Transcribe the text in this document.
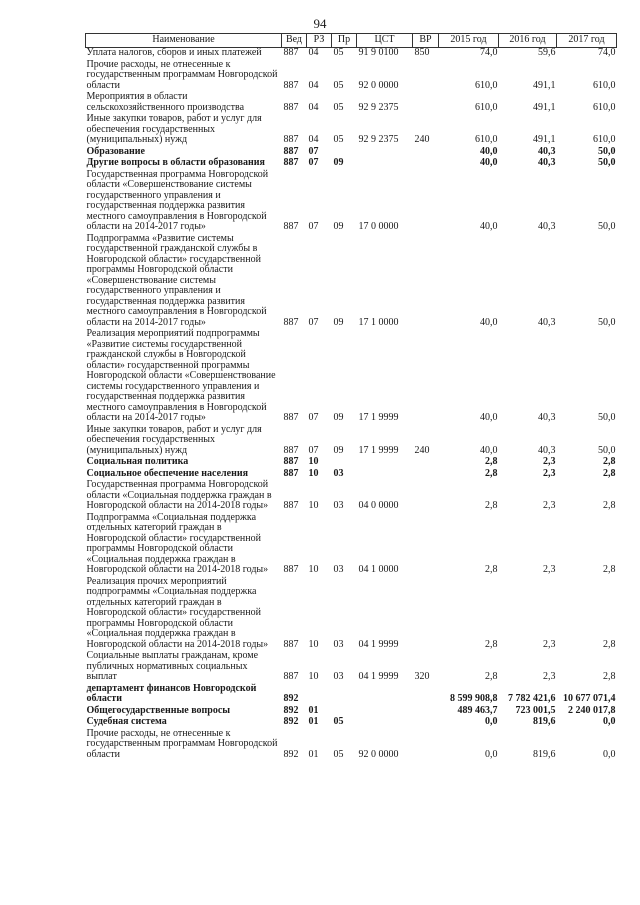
94
Наименование	Вед	РЗ	Пр	ЦСТ	ВР	2015 год	2016 год	2017 год
Уплата налогов, сборов и иных платежей	887	04	05	91 9 0100	850	74,0	59,6	74,0
Прочие расходы, не отнесенные к государственным программам Новгородской области	887	04	05	92 0 0000		610,0	491,1	610,0
Мероприятия в области сельскохозяйственного производства	887	04	05	92 9 2375		610,0	491,1	610,0
Иные закупки товаров, работ и услуг для обеспечения государственных (муниципальных) нужд	887	04	05	92 9 2375	240	610,0	491,1	610,0
Образование	887	07				40,0	40,3	50,0
Другие вопросы в области образования	887	07	09			40,0	40,3	50,0
Государственная программа Новгородской области «Совершенствование системы государственного управления и государственная поддержка развития местного самоуправления в Новгородской области на 2014-2017 годы»	887	07	09	17 0 0000		40,0	40,3	50,0
Подпрограмма «Развитие системы государственной гражданской службы в Новгородской области» государственной программы Новгородской области «Совершенствование системы государственного управления и государственная поддержка развития местного самоуправления в Новгородской области на 2014-2017 годы»	887	07	09	17 1 0000		40,0	40,3	50,0
Реализация мероприятий подпрограммы «Развитие системы государственной гражданской службы в Новгородской области» государственной программы Новгородской области «Совершенствование системы государственного управления и государственная поддержка развития местного самоуправления в Новгородской области на 2014-2017 годы»	887	07	09	17 1 9999		40,0	40,3	50,0
Иные закупки товаров, работ и услуг для обеспечения государственных (муниципальных) нужд	887	07	09	17 1 9999	240	40,0	40,3	50,0
Социальная политика	887	10				2,8	2,3	2,8
Социальное обеспечение населения	887	10	03			2,8	2,3	2,8
Государственная программа Новгородской области «Социальная поддержка граждан в Новгородской области на 2014-2018 годы»	887	10	03	04 0 0000		2,8	2,3	2,8
Подпрограмма «Социальная поддержка отдельных категорий граждан в Новгородской области» государственной программы Новгородской области «Социальная поддержка граждан в Новгородской области на 2014-2018 годы»	887	10	03	04 1 0000		2,8	2,3	2,8
Реализация прочих мероприятий подпрограммы «Социальная поддержка отдельных категорий граждан в Новгородской области» государственной программы Новгородской области «Социальная поддержка граждан в Новгородской области на 2014-2018 годы»	887	10	03	04 1 9999		2,8	2,3	2,8
Социальные выплаты гражданам, кроме публичных нормативных социальных выплат	887	10	03	04 1 9999	320	2,8	2,3	2,8
департамент финансов Новгородской области	892					8 599 908,8	7 782 421,6	10 677 071,4
Общегосударственные вопросы	892	01				489 463,7	723 001,5	2 240 017,8
Судебная система	892	01	05			0,0	819,6	0,0
Прочие расходы, не отнесенные к государственным программам Новгородской области	892	01	05	92 0 0000		0,0	819,6	0,0
